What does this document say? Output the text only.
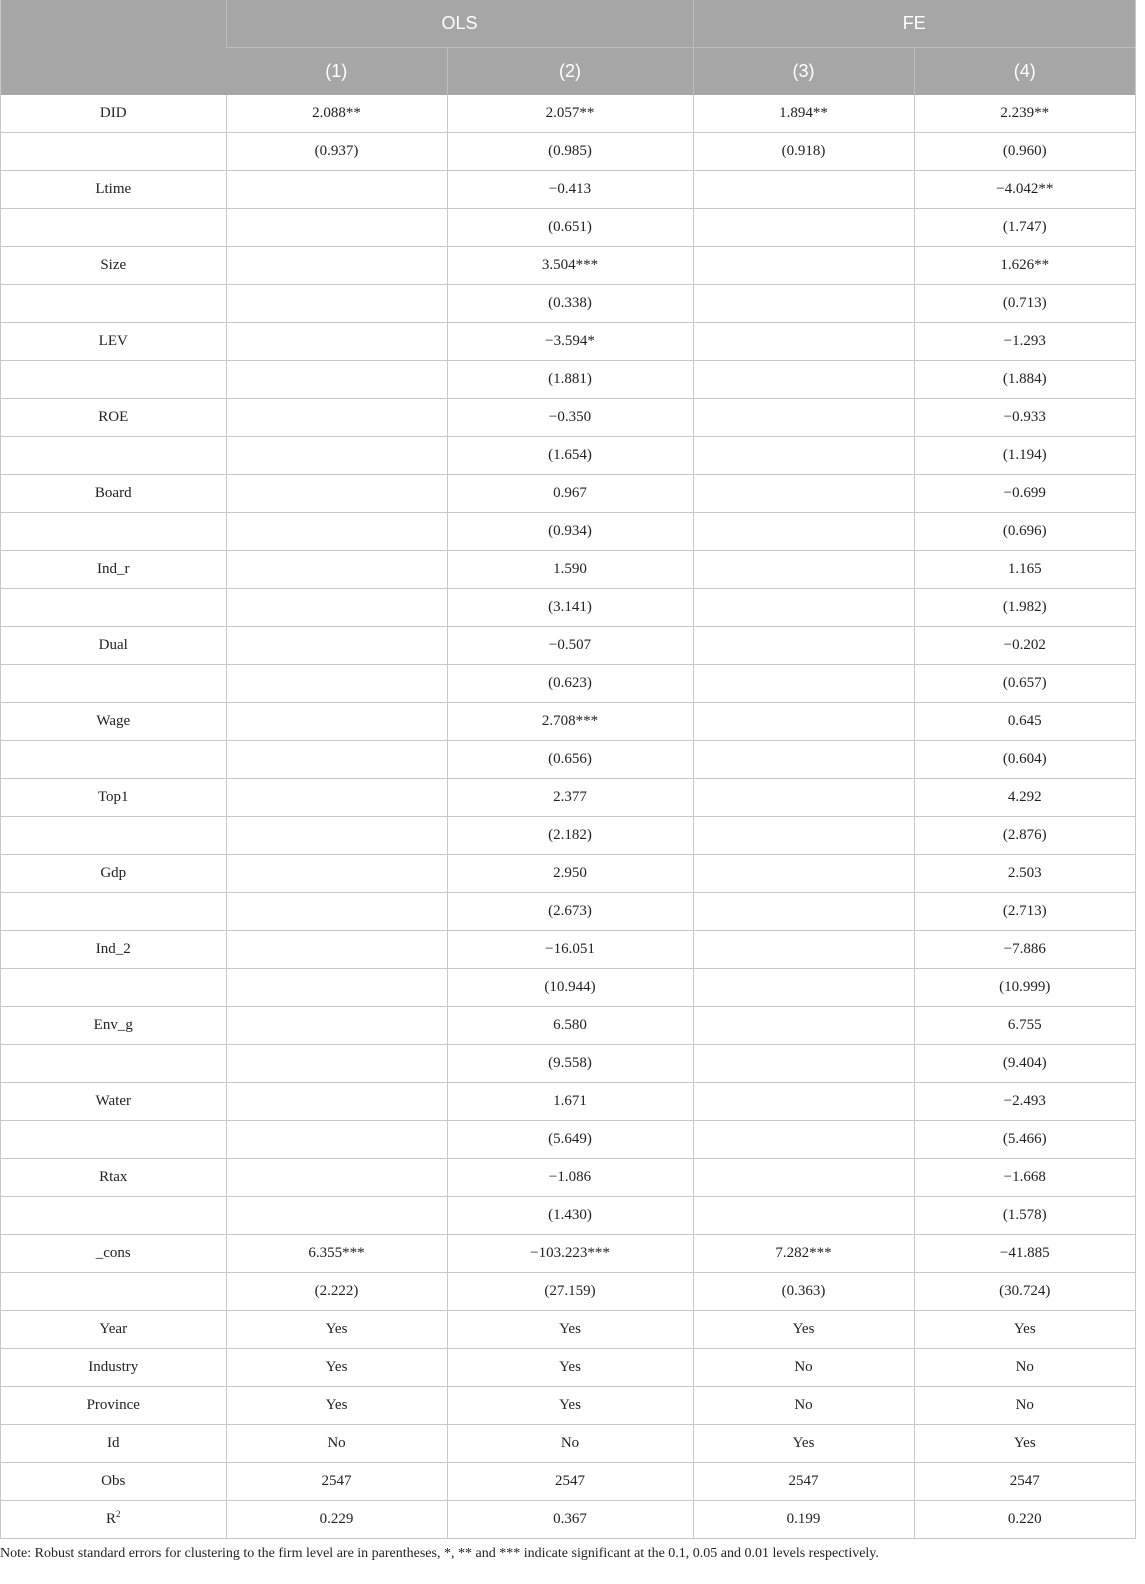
	OLS		FE	
	(1)	(2)	(3)	(4)
DID	2.088**	2.057**	1.894**	2.239**
	(0.937)	(0.985)	(0.918)	(0.960)
Ltime		−0.413		−4.042**
		(0.651)		(1.747)
Size		3.504***		1.626**
		(0.338)		(0.713)
LEV		−3.594*		−1.293
		(1.881)		(1.884)
ROE		−0.350		−0.933
		(1.654)		(1.194)
Board		0.967		−0.699
		(0.934)		(0.696)
Ind_r		1.590		1.165
		(3.141)		(1.982)
Dual		−0.507		−0.202
		(0.623)		(0.657)
Wage		2.708***		0.645
		(0.656)		(0.604)
Top1		2.377		4.292
		(2.182)		(2.876)
Gdp		2.950		2.503
		(2.673)		(2.713)
Ind_2		−16.051		−7.886
		(10.944)		(10.999)
Env_g		6.580		6.755
		(9.558)		(9.404)
Water		1.671		−2.493
		(5.649)		(5.466)
Rtax		−1.086		−1.668
		(1.430)		(1.578)
_cons	6.355***	−103.223***	7.282***	−41.885
	(2.222)	(27.159)	(0.363)	(30.724)
Year	Yes	Yes	Yes	Yes
Industry	Yes	Yes	No	No
Province	Yes	Yes	No	No
Id	No	No	Yes	Yes
Obs	2547	2547	2547	2547
$R^2$	0.229	0.367	0.199	0.220
Note: Robust standard errors for clustering to the firm level are in parentheses, *, ** and *** indicate significant at the 0.1, 0.05 and 0.01 levels respectively.
